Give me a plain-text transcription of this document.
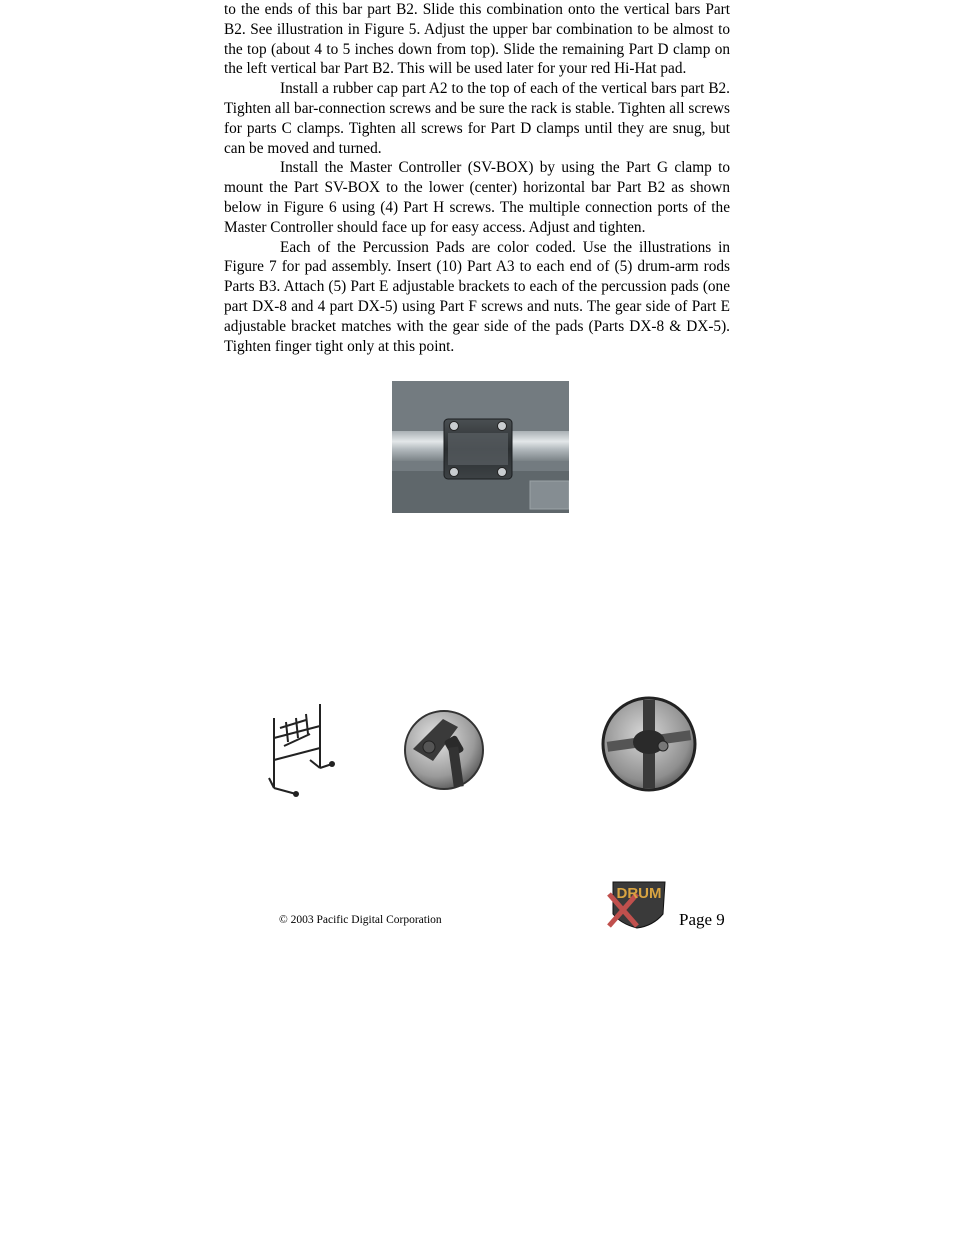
to the ends of this bar part B2. Slide this combination onto the vertical bars Part B2. See illustration in Figure 5. Adjust the upper bar combination to be almost to the top (about 4 to 5 inches down from top). Slide the remaining Part D clamp on the left vertical bar Part B2. This will be used later for your red Hi-Hat pad.

Install a rubber cap part A2 to the top of each of the vertical bars part B2. Tighten all bar-connection screws and be sure the rack is stable. Tighten all screws for parts C clamps. Tighten all screws for Part D clamps until they are snug, but can be moved and turned.

Install the Master Controller (SV-BOX) by using the Part G clamp to mount the Part SV-BOX to the lower (center) horizontal bar Part B2 as shown below in Figure 6 using (4) Part H screws. The multiple connection ports of the Master Controller should face up for easy access. Adjust and tighten.

Each of the Percussion Pads are color coded. Use the illustrations in Figure 7 for pad assembly. Insert (10) Part A3 to each end of (5) drum-arm rods Parts B3. Attach (5) Part E adjustable brackets to each of the percussion pads (one part DX-8 and 4 part DX-5) using Part F screws and nuts. The gear side of Part E adjustable bracket matches with the gear side of the pads (Parts DX-8 & DX-5). Tighten finger tight only at this point.

© 2003 Pacific Digital Corporation
DRUM
Page 9
